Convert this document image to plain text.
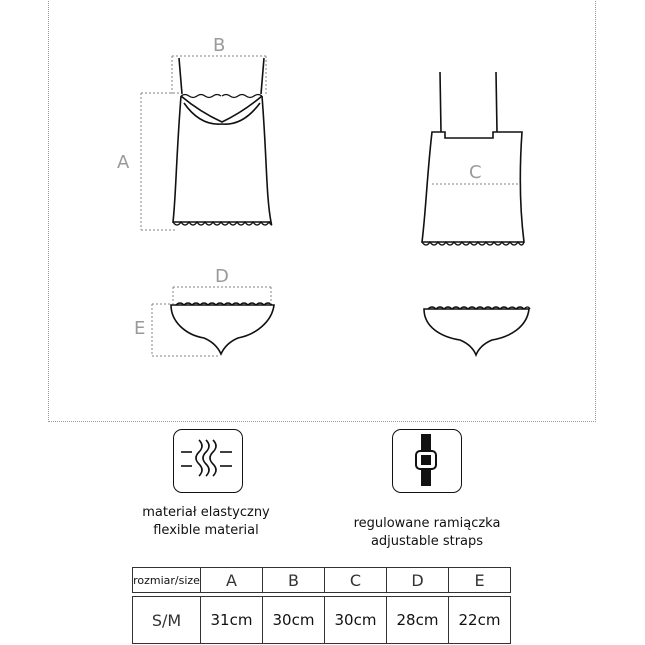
B
A	C
D
E
materiał elastyczny
flexible material	regulowane ramiączka
adjustable straps
rozmiar/size	A	B	C	D	E

S/M	31cm	30cm	30cm	28cm	22cm
